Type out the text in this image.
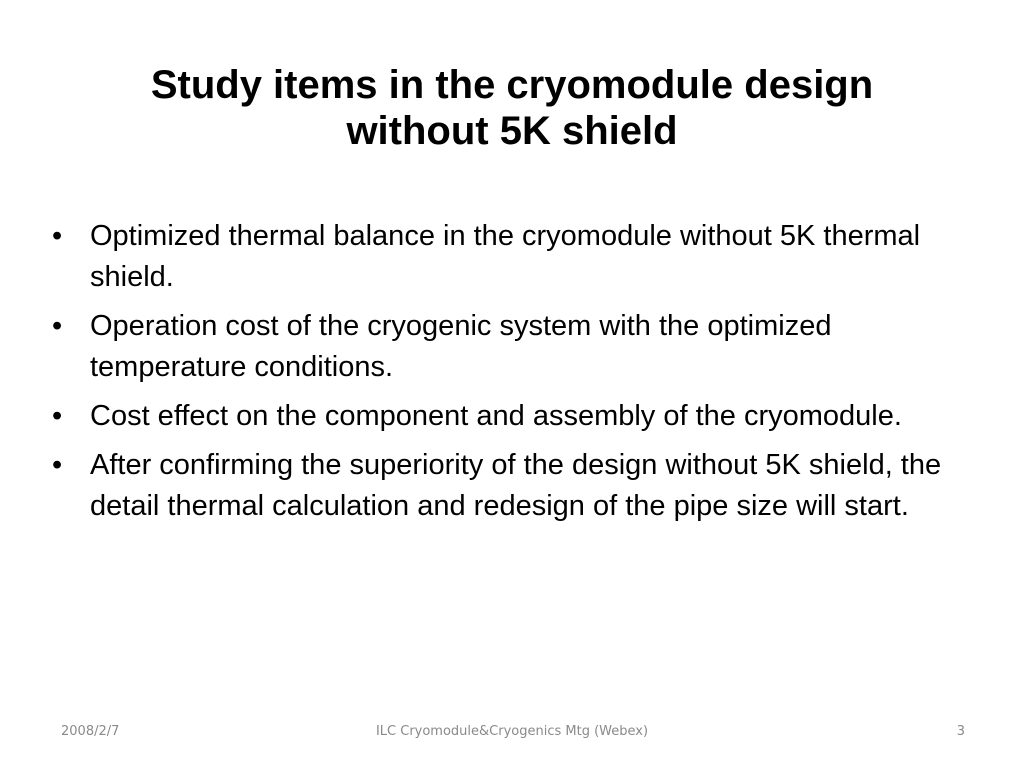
Study items in the cryomodule design
without 5K shield
• Optimized thermal balance in the cryomodule without 5K thermal shield.
• Operation cost of the cryogenic system with the optimized temperature conditions.
• Cost effect on the component and assembly of the cryomodule.
• After confirming the superiority of the design without 5K shield, the detail thermal calculation and redesign of the pipe size will start.
2008/2/7	ILC Cryomodule&Cryogenics Mtg (Webex)	3
